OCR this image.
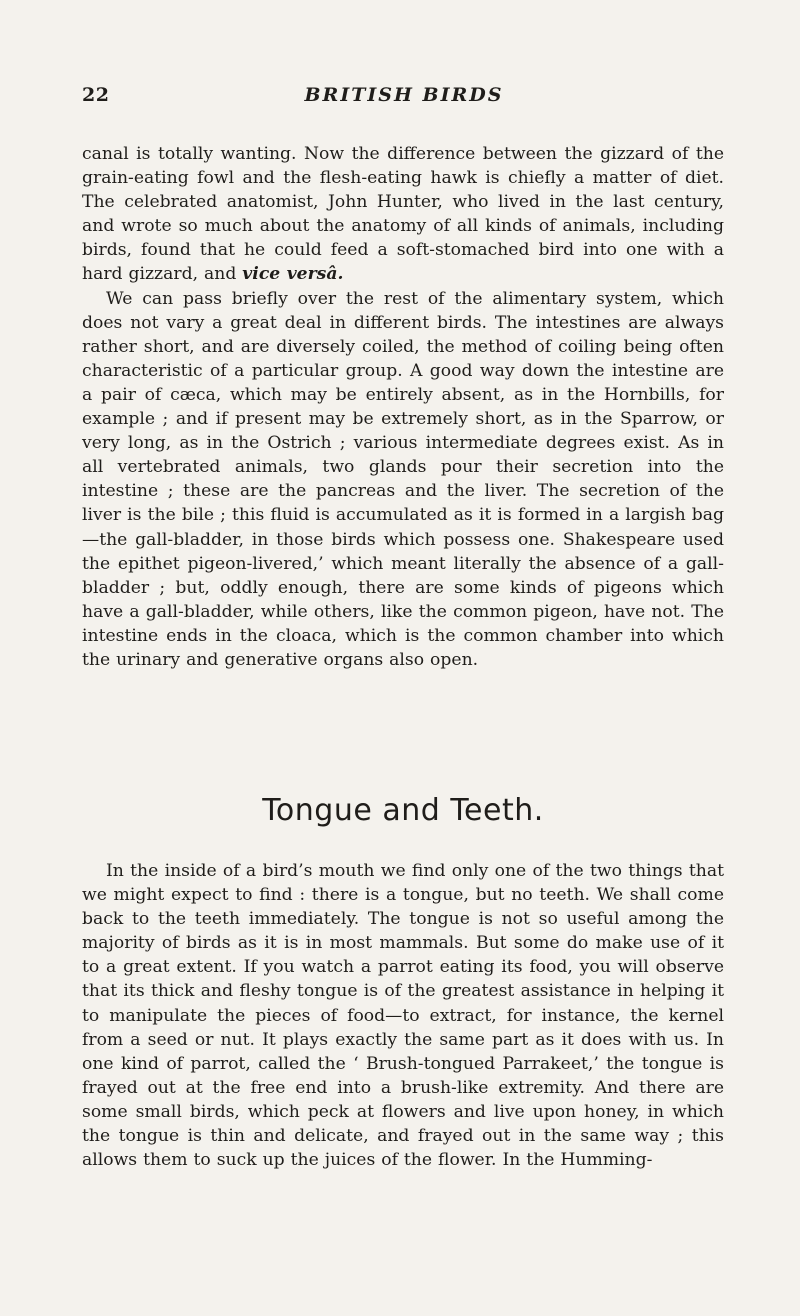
22	BRITISH BIRDS

canal is totally wanting. Now the difference between the gizzard of the grain-eating fowl and the flesh-eating hawk is chiefly a matter of diet. The celebrated anatomist, John Hunter, who lived in the last century, and wrote so much about the anatomy of all kinds of animals, including birds, found that he could feed a soft-stomached bird into one with a hard gizzard, and vice versâ.

We can pass briefly over the rest of the alimentary system, which does not vary a great deal in different birds. The intestines are always rather short, and are diversely coiled, the method of coiling being often characteristic of a particular group. A good way down the intestine are a pair of cæca, which may be entirely absent, as in the Hornbills, for example ; and if present may be extremely short, as in the Sparrow, or very long, as in the Ostrich ; various intermediate degrees exist. As in all vertebrated animals, two glands pour their secretion into the intestine ; these are the pancreas and the liver. The secretion of the liver is the bile ; this fluid is accumulated as it is formed in a largish bag—the gall-bladder, in those birds which possess one. Shakespeare used the epithet pigeon-livered,’ which meant literally the absence of a gall-bladder ; but, oddly enough, there are some kinds of pigeons which have a gall-bladder, while others, like the common pigeon, have not. The intestine ends in the cloaca, which is the common chamber into which the urinary and generative organs also open.

Tongue and Teeth.

In the inside of a bird’s mouth we find only one of the two things that we might expect to find : there is a tongue, but no teeth. We shall come back to the teeth immediately. The tongue is not so useful among the majority of birds as it is in most mammals. But some do make use of it to a great extent. If you watch a parrot eating its food, you will observe that its thick and fleshy tongue is of the greatest assistance in helping it to manipulate the pieces of food—to extract, for instance, the kernel from a seed or nut. It plays exactly the same part as it does with us. In one kind of parrot, called the ‘ Brush-tongued Parrakeet,’ the tongue is frayed out at the free end into a brush-like extremity. And there are some small birds, which peck at flowers and live upon honey, in which the tongue is thin and delicate, and frayed out in the same way ; this allows them to suck up the juices of the flower. In the Humming-
